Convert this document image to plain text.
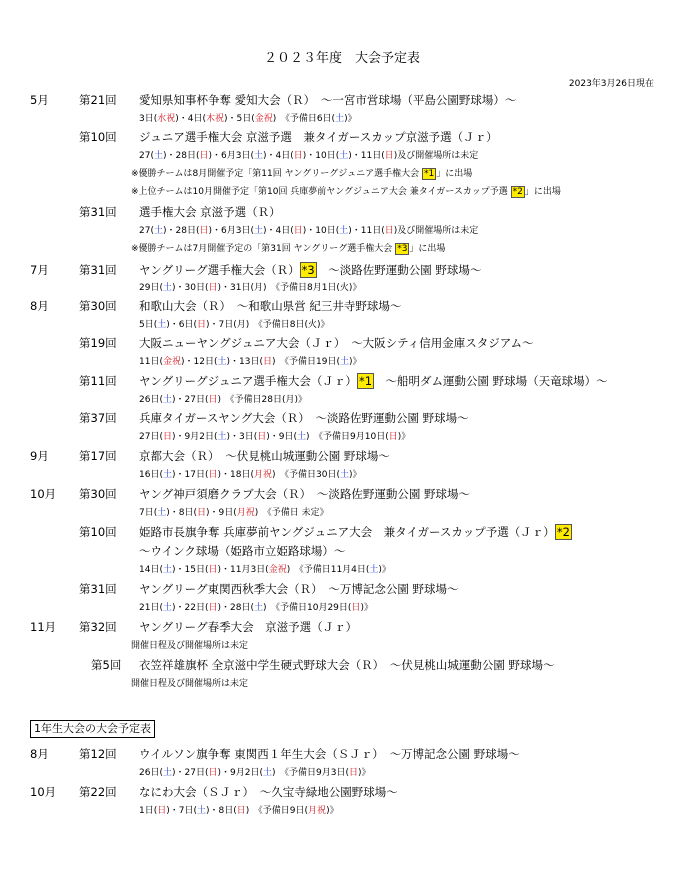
２０２３年度　大会予定表
2023年3月26日現在
5月	第21回 愛知県知事杯争奪 愛知大会（Ｒ）　 〜一宮市営球場（平島公園野球場）〜
3日(水祝)・4日(木祝)・5日(金祝)　 《予備日6日(土)》
第10回 ジュニア選手権大会 京滋予選　兼タイガースカップ京滋予選（Ｊｒ）
27(土)・28日(日)・6月3日(土)・4日(日)・10日(土)・11日(日)及び開催場所は未定
※優勝チームは8月開催予定「第11回 ヤングリーグジュニア選手権大会 *1 」に出場
※上位チームは10月開催予定「第10回 兵庫夢前ヤングジュニア大会 兼タイガースカップ予選 *2 」に出場
第31回 選手権大会 京滋予選（Ｒ）
27(土)・28日(日)・6月3日(土)・4日(日)・10日(土)・11日(日)及び開催場所は未定
※優勝チームは7月開催予定の「第31回 ヤングリーグ選手権大会 *3 」に出場
7月	第31回 ヤングリーグ選手権大会（Ｒ） *3　 〜淡路佐野運動公園 野球場〜
29日(土)・30日(日)・31日(月)　《予備日8月1日(火)》
8月	第30回 和歌山大会（Ｒ）　 〜和歌山県営 紀三井寺野球場〜
5日(土)・6日(日)・7日(月)　《予備日8日(火)》
第19回 大阪ニューヤングジュニア大会（Ｊｒ）　 〜大阪シティ信用金庫スタジアム〜
11日(金祝)・12日(土)・13日(日)　《予備日19日(土)》
第11回 ヤングリーグジュニア選手権大会（Ｊｒ） *1　 〜船明ダム運動公園 野球場（天竜球場）〜
26日(土)・27日(日)　《予備日28日(月)》
第37回 兵庫タイガースヤング大会（Ｒ）　 〜淡路佐野運動公園 野球場〜
27日(日)・9月2日(土)・3日(日)・9日(土)　《予備日9月10日(日)》
9月	第17回 京都大会（Ｒ）　 〜伏見桃山城運動公園 野球場〜
16日(土)・17日(日)・18日(月祝)　《予備日30日(土)》
10月 第30回 ヤング神戸須磨クラブ大会（Ｒ）　 〜淡路佐野運動公園 野球場〜
7日(土)・8日(日)・9日(月祝)　《予備日 未定》
第10回 姫路市長旗争奪 兵庫夢前ヤングジュニア大会　兼タイガースカップ予選（Ｊｒ） *2
〜ウインク球場（姫路市立姫路球場）〜
14日(土)・15日(日)・11月3日(金祝)　《予備日11月4日(土)》
第31回 ヤングリーグ東関西秋季大会（Ｒ）　 〜万博記念公園 野球場〜
21日(土)・22日(日)・28日(土)　《予備日10月29日(日)》
11月 第32回 ヤングリーグ春季大会　京滋予選（Ｊｒ）
開催日程及び開催場所は未定
第5回 衣笠祥雄旗杯 全京滋中学生硬式野球大会（Ｒ）　 〜伏見桃山城運動公園 野球場〜
開催日程及び開催場所は未定
1年生大会の大会予定表
8月	第12回 ウイルソン旗争奪 東関西１年生大会（ＳＪｒ）　 〜万博記念公園 野球場〜
26日(土)・27日(日)・9月2日(土)　《予備日9月3日(日)》
10月 第22回 なにわ大会（ＳＪｒ）　 〜久宝寺緑地公園野球場〜
1日(日)・7日(土)・8日(日)　《予備日9日(月祝)》
